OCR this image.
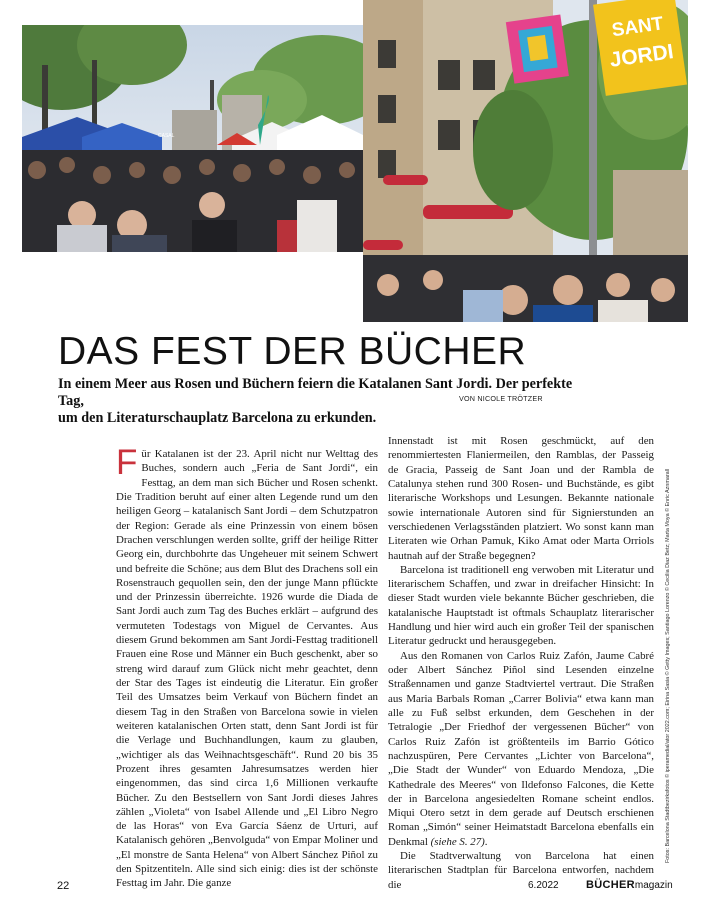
CASAL
SANT
JORDI
DAS FEST DER BÜCHER

In einem Meer aus Rosen und Büchern feiern die Katalanen Sant Jordi. Der perfekte Tag,
um den Literaturschauplatz Barcelona zu erkunden.

VON NICOLE TRÖTZER

Für Katalanen ist der 23. April nicht nur Welttag des Buches, sondern auch „Feria de Sant Jordi“, ein Festtag, an dem man sich Bücher und Rosen schenkt. Die Tradition beruht auf einer alten Legende rund um den heiligen Georg – katalanisch Sant Jordi – dem Schutzpatron der Region: Gerade als eine Prinzessin von einem bösen Drachen verschlungen werden sollte, griff der heilige Ritter Georg ein, durchbohrte das Ungeheuer mit seinem Schwert und befreite die Schöne; aus dem Blut des Drachens soll ein Rosenstrauch gequollen sein, den der junge Mann pflückte und der Prinzessin überreichte. 1926 wurde die Diada de Sant Jordi auch zum Tag des Buches erklärt – aufgrund des vermuteten Todestags von Miguel de Cervantes. Aus diesem Grund bekommen am Sant Jordi-Festtag traditionell Frauen eine Rose und Männer ein Buch geschenkt, aber so streng wird darauf zum Glück nicht mehr geachtet, denn der Star des Tages ist eindeutig die Literatur. Ein großer Teil des Umsatzes beim Verkauf von Büchern findet an diesem Tag in den Straßen von Barcelona sowie in vielen weiteren katalanischen Orten statt, denn Sant Jordi ist für die Verlage und Buchhandlungen, kaum zu glauben, „wichtiger als das Weihnachtsgeschäft“. Rund 20 bis 35 Prozent ihres gesamten Jahresumsatzes werden hier eingenommen, das sind circa 1,6 Millionen verkaufte Bücher. Zu den Bestsellern von Sant Jordi dieses Jahres zählen „Violeta“ von Isabel Allende und „El Libro Negro de las Horas“ von Eva García Sáenz de Urturi, auf Katalanisch gehören „Benvolguda“ von Empar Moliner und „El monstre de Santa Helena“ von Albert Sánchez Piñol zu den Spitzentiteln. Alle sind sich einig: dies ist der schönste Festtag im Jahr. Die ganze

Innenstadt ist mit Rosen geschmückt, auf den renommiertesten Flaniermeilen, den Ramblas, der Passeig de Gracia, Passeig de Sant Joan und der Rambla de Catalunya stehen rund 300 Rosen- und Buchstände, es gibt literarische Workshops und Lesungen. Bekannte nationale sowie internationale Autoren sind für Signierstunden an verschiedenen Verlagsständen platziert. Wo sonst kann man Literaten wie Orhan Pamuk, Kiko Amat oder Marta Orriols hautnah auf der Straße begegnen?

Barcelona ist traditionell eng verwoben mit Literatur und literarischem Schaffen, und zwar in dreifacher Hinsicht: In dieser Stadt wurden viele bekannte Bücher geschrieben, die katalanische Hauptstadt ist oftmals Schauplatz literarischer Handlung und hier wird auch ein großer Teil der spanischen Literatur gedruckt und herausgegeben.

Aus den Romanen von Carlos Ruiz Zafón, Jaume Cabré oder Albert Sánchez Piñol sind Lesenden einzelne Straßennamen und ganze Stadtviertel vertraut. Die Straßen aus Maria Barbals Roman „Carrer Bolivia“ etwa kann man alle zu Fuß selbst erkunden, dem Geschehen in der Tetralogie „Der Friedhof der vergessenen Bücher“ von Carlos Ruiz Zafón ist größtenteils im Barrio Gótico nachzuspüren, Pere Cervantes „Lichter von Barcelona“, „Die Stadt der Wunder“ von Eduardo Mendoza, „Die Kathedrale des Meeres“ von Ildefonso Falcones, die Kette der in Barcelona angesiedelten Romane scheint endlos. Miqui Otero setzt in dem gerade auf Deutsch erschienen Roman „Simón“ seiner Heimatstadt Barcelona ebenfalls ein Denkmal (siehe S. 27).

Die Stadtverwaltung von Barcelona hat einen literarischen Stadtplan für Barcelona entworfen, nachdem die

Fotos: Barcelona Stadtbezirksfotos © iperamedial/ator 2022.com; Eirina Sasia © Getty Images; Santiago Lorenzo © Cecilia Diaz Betz; Marta Moya © Enric Aznmarall
22	6.2022 BÜCHERmagazin
